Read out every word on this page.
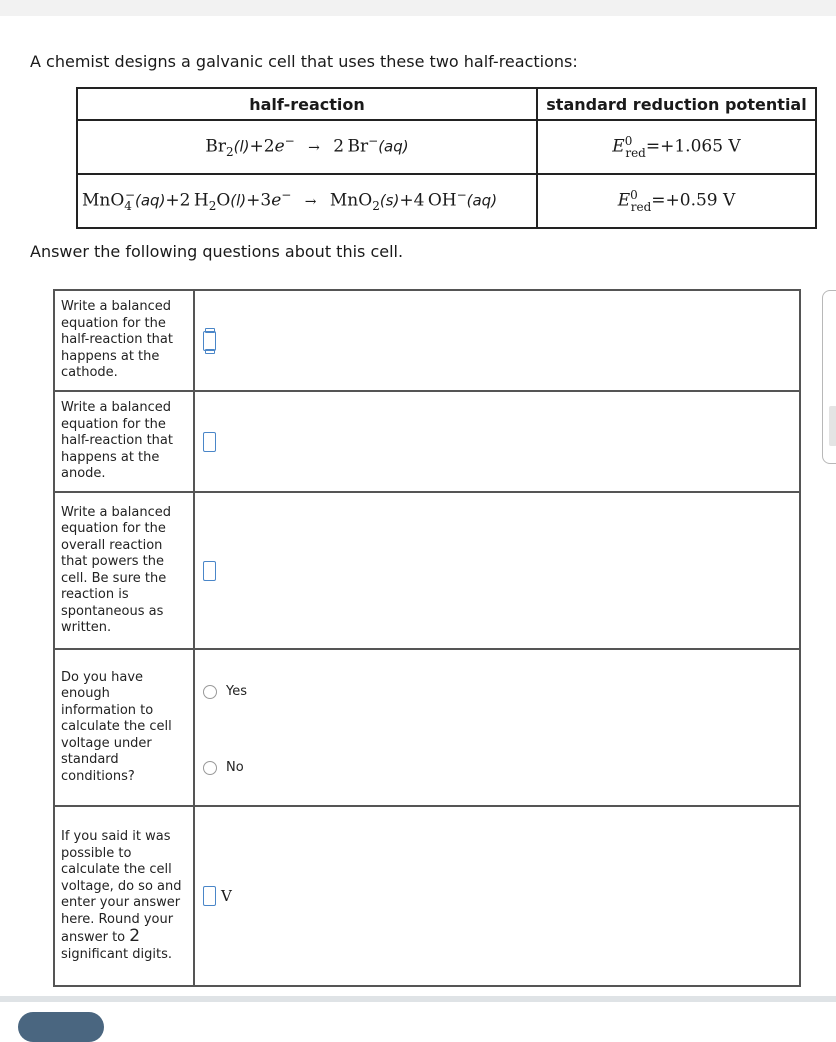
A chemist designs a galvanic cell that uses these two half-reactions:
half-reaction	standard reduction potential
$Br_2(l)+2e^- \to 2$ Br−(aq)	$E^0_{red}=+1.065$ V
MnO$_4$−(aq)+2 $H_2O(l)+3e^- \to MnO_2(s)+4$ OH−(aq)	$E^0_{red}=+0.59$ V
Answer the following questions about this cell.
Write a balanced equation for the half-reaction that happens at the cathode.	
Write a balanced equation for the half-reaction that happens at the anode.	
Write a balanced equation for the overall reaction that powers the cell. Be sure the reaction is spontaneous as written.	
Do you have enough information to calculate the cell voltage under standard conditions?	Yes
No

If you said it was possible to calculate the cell voltage, do so and enter your answer here. Round your answer to 2 significant digits.	V
